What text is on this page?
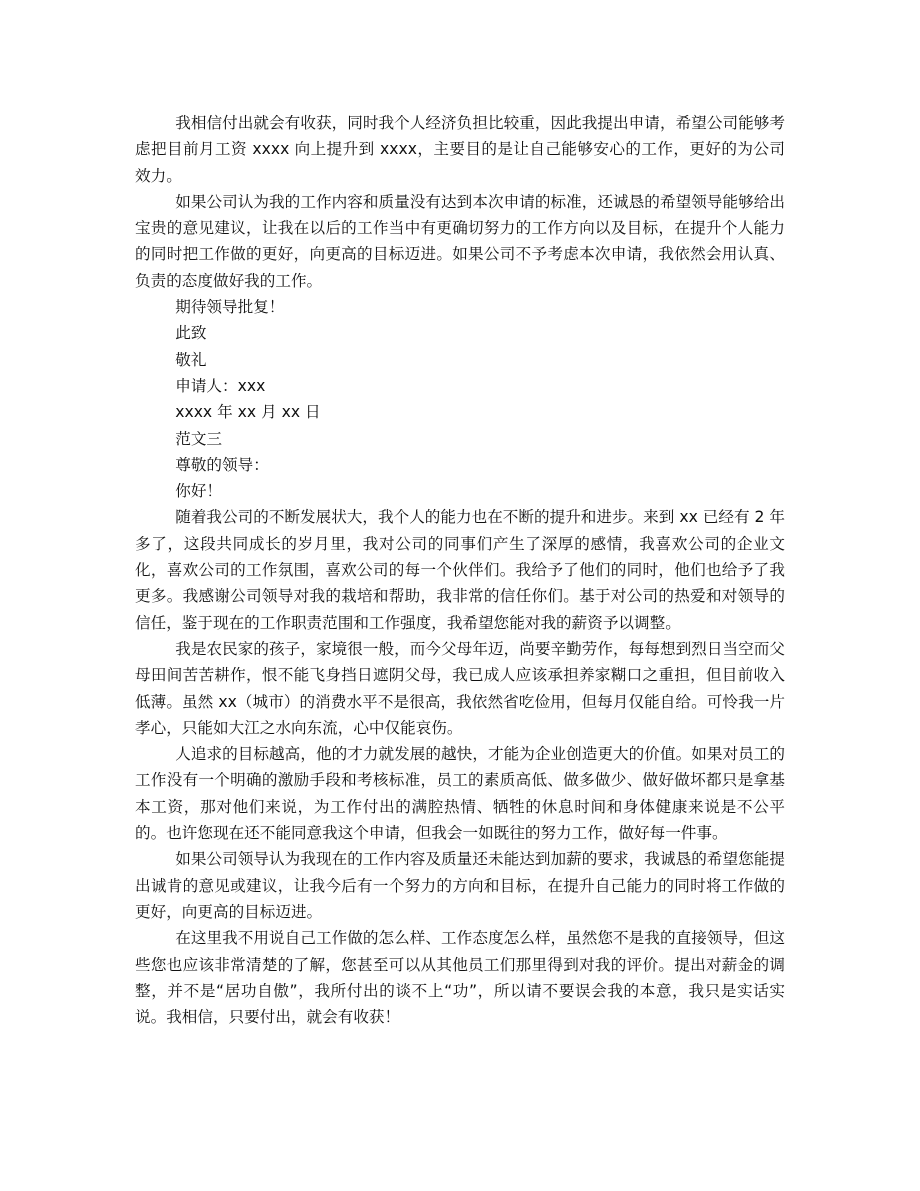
我相信付出就会有收获，同时我个人经济负担比较重，因此我提出申请，希望公司能够考虑把目前月工资 xxxx 向上提升到 xxxx，主要目的是让自己能够安心的工作，更好的为公司效力。

如果公司认为我的工作内容和质量没有达到本次申请的标准，还诚恳的希望领导能够给出宝贵的意见建议，让我在以后的工作当中有更确切努力的工作方向以及目标，在提升个人能力的同时把工作做的更好，向更高的目标迈进。如果公司不予考虑本次申请，我依然会用认真、负责的态度做好我的工作。

期待领导批复！

此致

敬礼

申请人：xxx

xxxx 年 xx 月 xx 日

范文三

尊敬的领导：

你好！

随着我公司的不断发展状大，我个人的能力也在不断的提升和进步。来到 xx 已经有 2 年多了，这段共同成长的岁月里，我对公司的同事们产生了深厚的感情，我喜欢公司的企业文化，喜欢公司的工作氛围，喜欢公司的每一个伙伴们。我给予了他们的同时，他们也给予了我更多。我感谢公司领导对我的栽培和帮助，我非常的信任你们。基于对公司的热爱和对领导的信任，鉴于现在的工作职责范围和工作强度，我希望您能对我的薪资予以调整。

我是农民家的孩子，家境很一般，而今父母年迈，尚要辛勤劳作，每每想到烈日当空而父母田间苦苦耕作，恨不能飞身挡日遮阴父母，我已成人应该承担养家糊口之重担，但目前收入低薄。虽然 xx（城市）的消费水平不是很高，我依然省吃俭用，但每月仅能自给。可怜我一片孝心，只能如大江之水向东流，心中仅能哀伤。

人追求的目标越高，他的才力就发展的越快，才能为企业创造更大的价值。如果对员工的工作没有一个明确的激励手段和考核标准，员工的素质高低、做多做少、做好做坏都只是拿基本工资，那对他们来说，为工作付出的满腔热情、牺牲的休息时间和身体健康来说是不公平的。也许您现在还不能同意我这个申请，但我会一如既往的努力工作，做好每一件事。

如果公司领导认为我现在的工作内容及质量还未能达到加薪的要求，我诚恳的希望您能提出诚肯的意见或建议，让我今后有一个努力的方向和目标，在提升自己能力的同时将工作做的更好，向更高的目标迈进。

在这里我不用说自己工作做的怎么样、工作态度怎么样，虽然您不是我的直接领导，但这些您也应该非常清楚的了解，您甚至可以从其他员工们那里得到对我的评价。提出对薪金的调整，并不是“居功自傲”，我所付出的谈不上“功”，所以请不要误会我的本意，我只是实话实说。我相信，只要付出，就会有收获！
